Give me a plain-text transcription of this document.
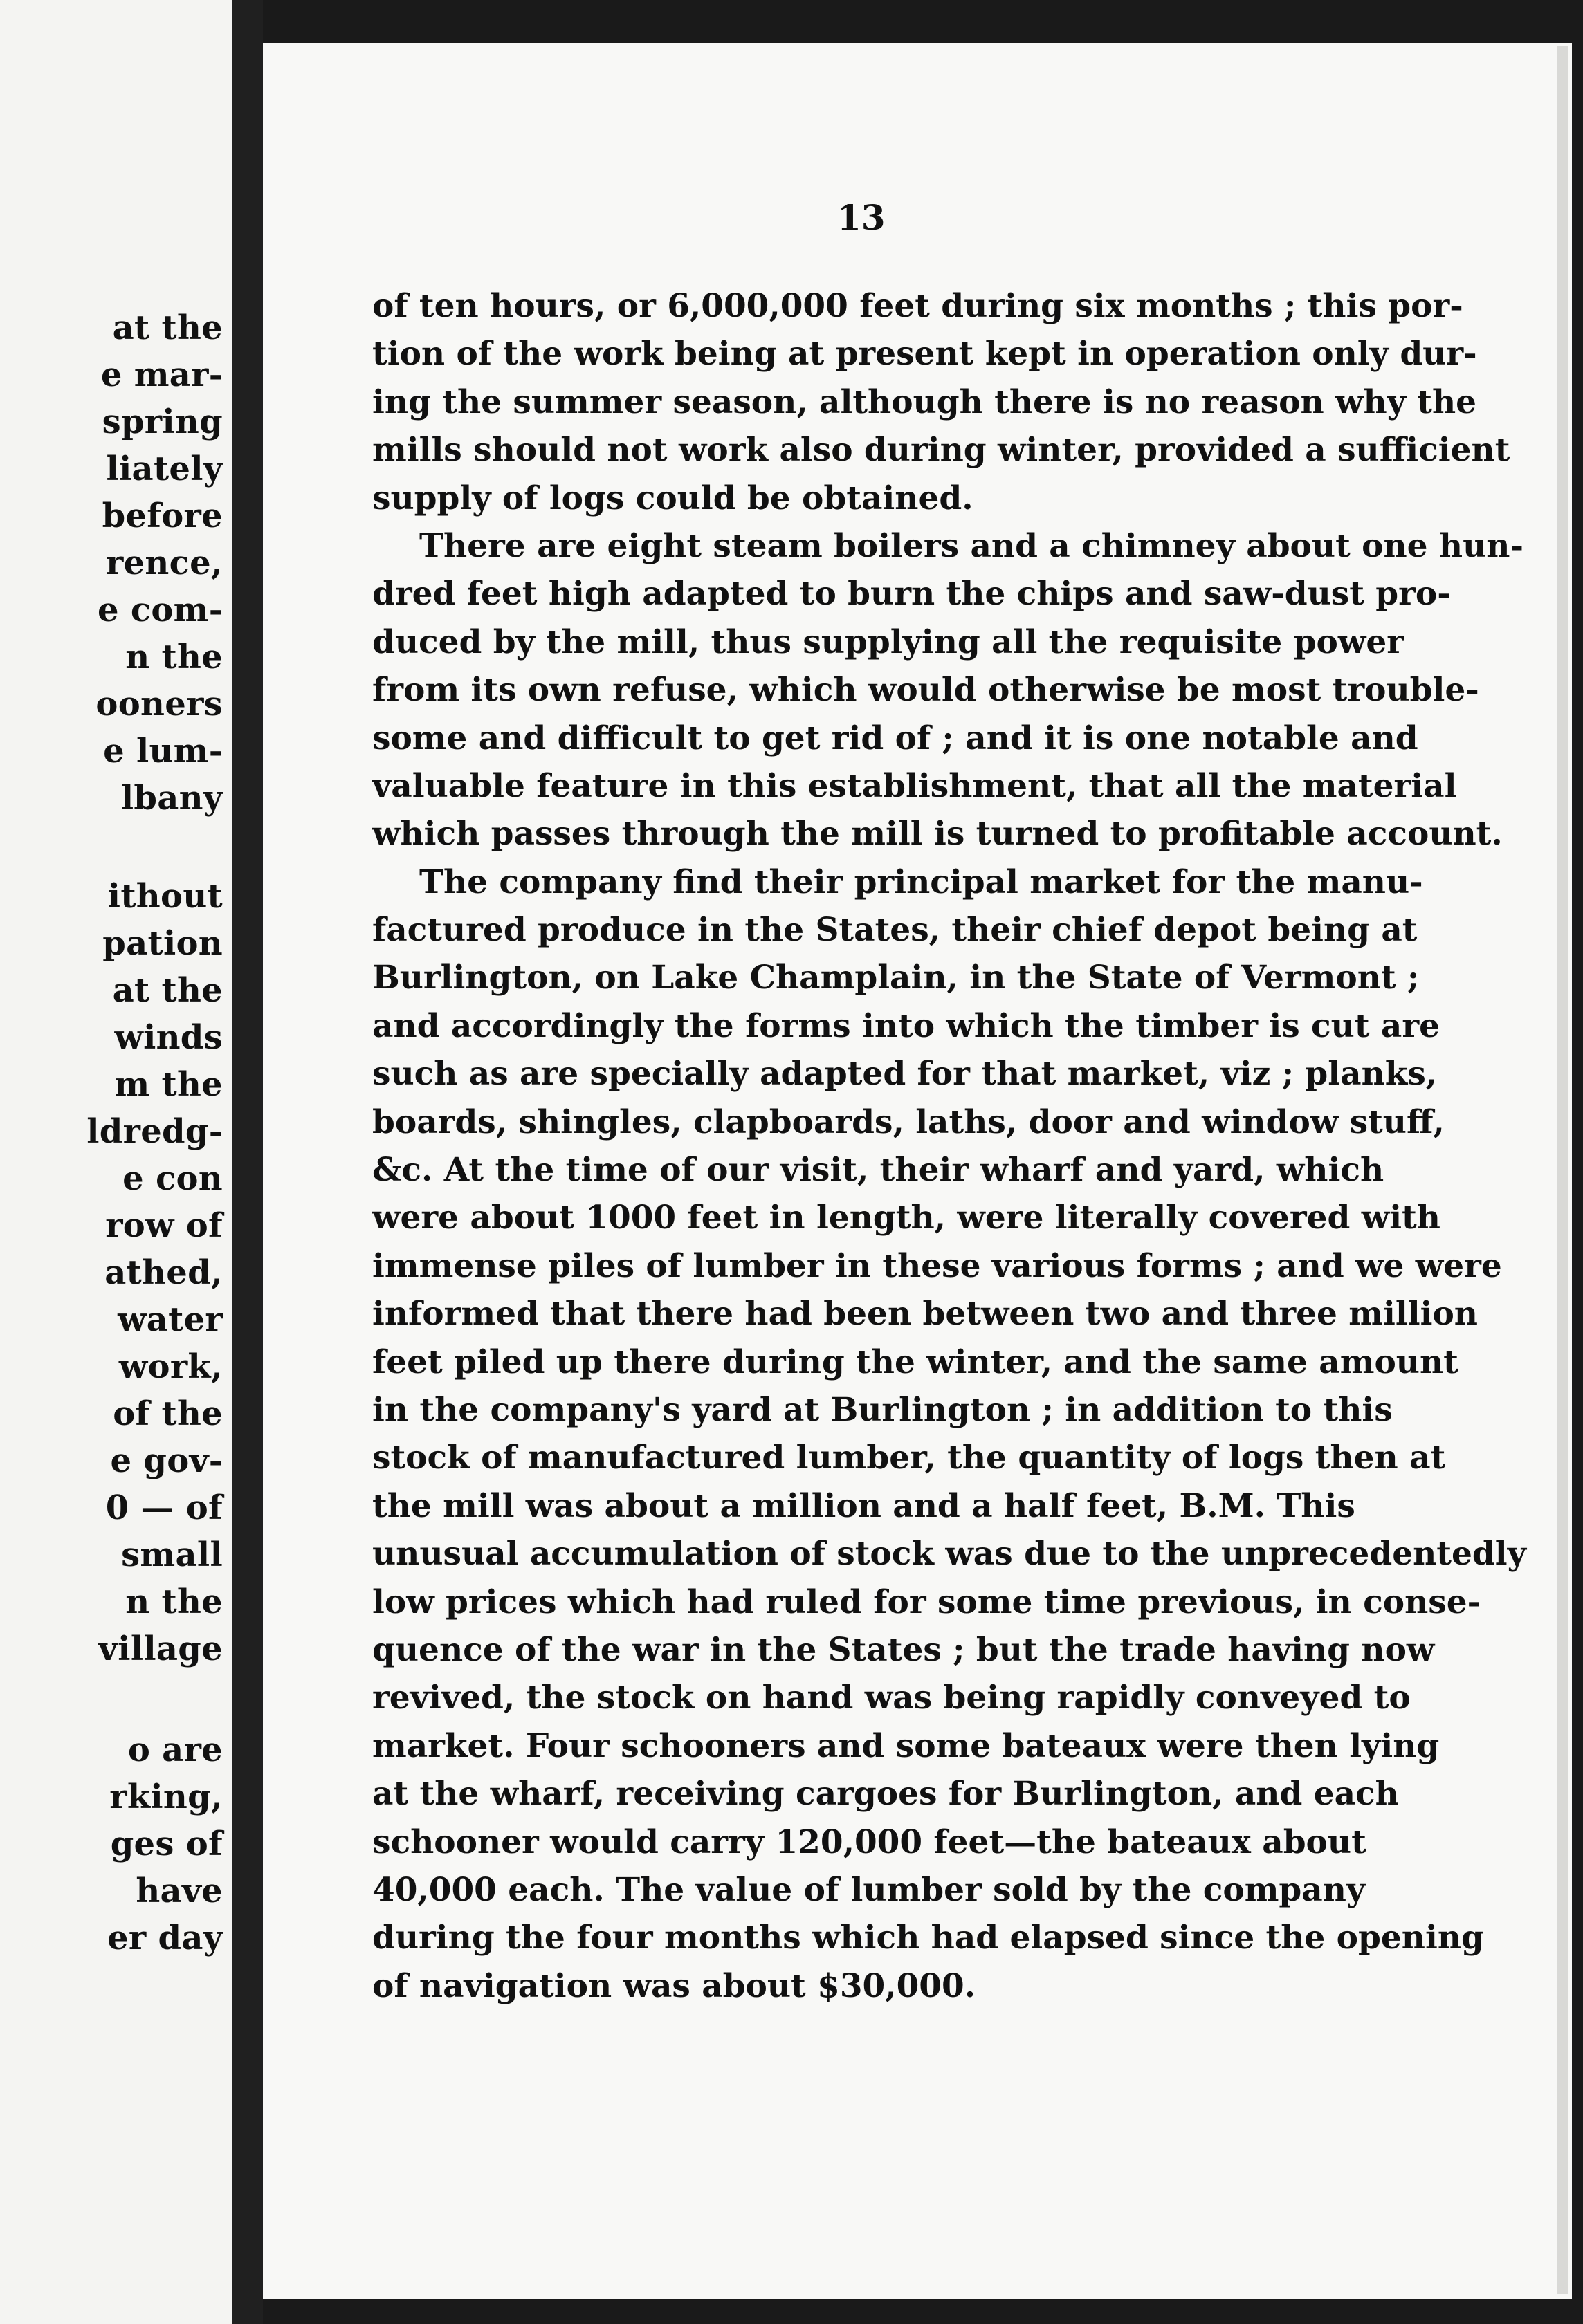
at the
e mar-
spring
liately
before
rence,
e com-
n the
ooners
e lum-
lbany
ithout
pation
at the
winds
m the
ldredg-
e con
row of
athed,
water
work,
of the
e gov-
0 — of
small
n the
village
o are
rking,
ges of
have
er day
13
of ten hours, or 6,000,000 feet during six months ; this por-
tion of the work being at present kept in operation only dur-
ing the summer season, although there is no reason why the
mills should not work also during winter, provided a sufficient
supply of logs could be obtained.
There are eight steam boilers and a chimney about one hun-
dred feet high adapted to burn the chips and saw-dust pro-
duced by the mill, thus supplying all the requisite power
from its own refuse, which would otherwise be most trouble-
some and difficult to get rid of ; and it is one notable and
valuable feature in this establishment, that all the material
which passes through the mill is turned to profitable account.
The company find their principal market for the manu-
factured produce in the States, their chief depot being at
Burlington, on Lake Champlain, in the State of Vermont ;
and accordingly the forms into which the timber is cut are
such as are specially adapted for that market, viz ; planks,
boards, shingles, clapboards, laths, door and window stuff,
&c. At the time of our visit, their wharf and yard, which
were about 1000 feet in length, were literally covered with
immense piles of lumber in these various forms ; and we were
informed that there had been between two and three million
feet piled up there during the winter, and the same amount
in the company's yard at Burlington ; in addition to this
stock of manufactured lumber, the quantity of logs then at
the mill was about a million and a half feet, B.M. This
unusual accumulation of stock was due to the unprecedentedly
low prices which had ruled for some time previous, in conse-
quence of the war in the States ; but the trade having now
revived, the stock on hand was being rapidly conveyed to
market. Four schooners and some bateaux were then lying
at the wharf, receiving cargoes for Burlington, and each
schooner would carry 120,000 feet—the bateaux about
40,000 each. The value of lumber sold by the company
during the four months which had elapsed since the opening
of navigation was about $30,000.
